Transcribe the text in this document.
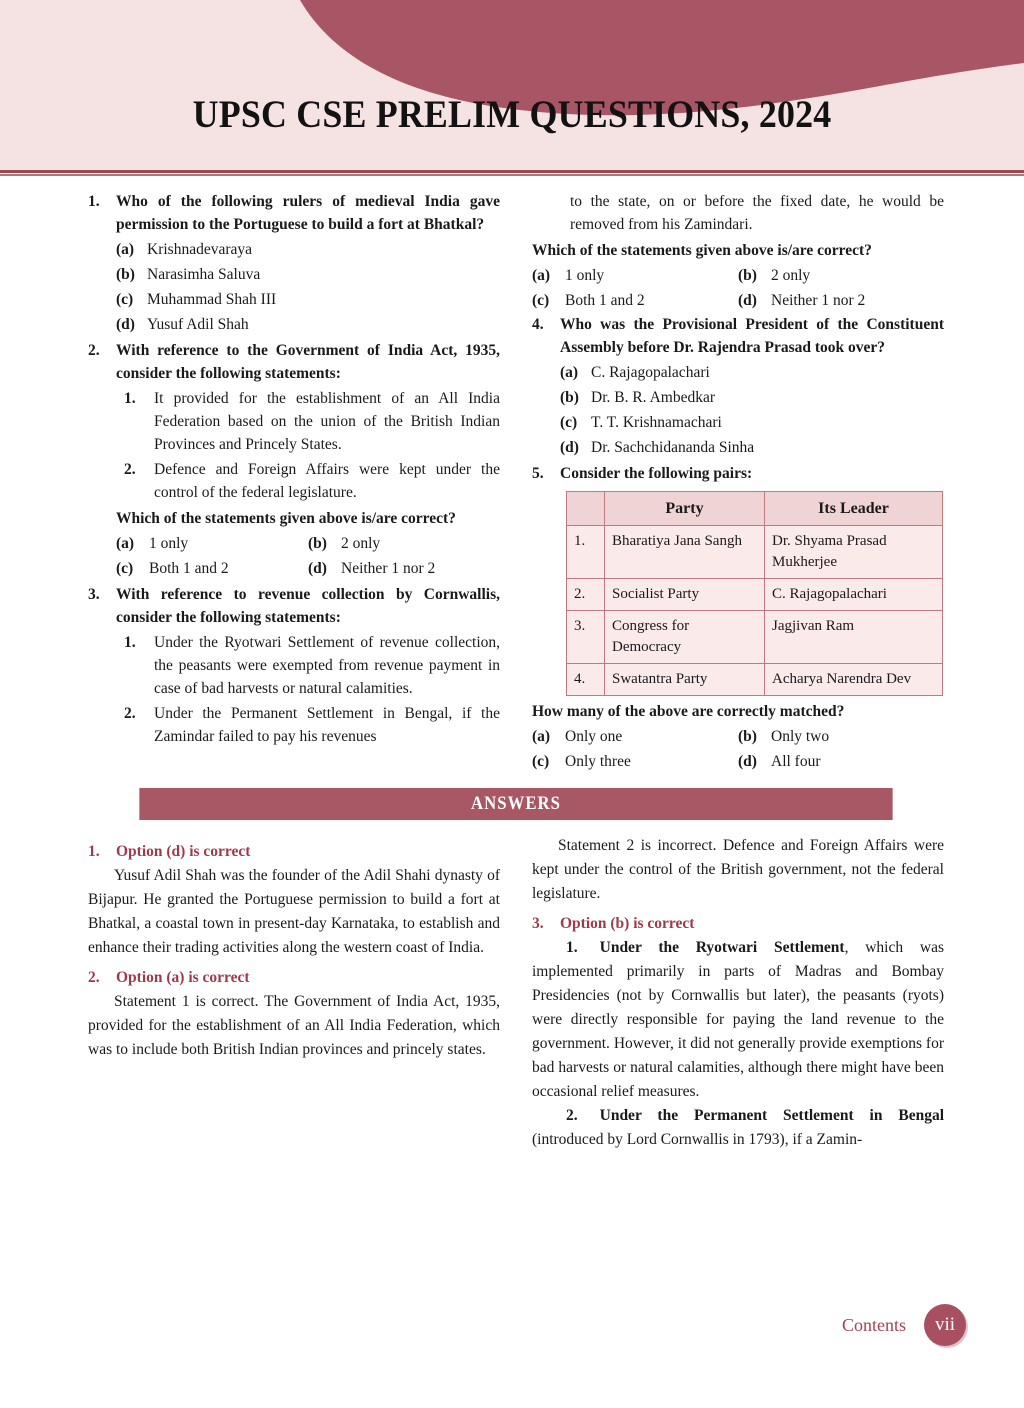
UPSC CSE PRELIM QUESTIONS, 2024
1.	Who of the following rulers of medieval India gave permission to the Portuguese to build a fort at Bhatkal?

(a) Krishnadevaraya
(b) Narasimha Saluva
(c) Muhammad Shah III
(d) Yusuf Adil Shah
2.	With reference to the Government of India Act, 1935, consider the following statements:

1.	It provided for the establishment of an All India Federation based on the union of the British Indian Provinces and Princely States.
2.	Defence and Foreign Affairs were kept under the control of the federal legislature.
Which of the statements given above is/are correct?
(a) 1 only	(b) 2 only
(c)	Both 1 and 2	(d) Neither 1 nor 2
3.	With reference to revenue collection by Cornwallis, consider the following statements:

1.	Under the Ryotwari Settlement of revenue collection, the peasants were exempted from revenue payment in case of bad harvests or natural calamities.
2.	Under the Permanent Settlement in Bengal, if the Zamindar failed to pay his revenues
to the state, on or before the fixed date, he would be removed from his Zamindari.
Which of the statements given above is/are correct?
(a) 1 only	(b) 2 only
(c)	Both 1 and 2	(d) Neither 1 nor 2
4.	Who was the Provisional President of the Constituent Assembly before Dr. Rajendra Prasad took over?

(a) C. Rajagopalachari
(b) Dr. B. R. Ambedkar
(c) T. T. Krishnamachari
(d) Dr. Sachchidananda Sinha
5.	Consider the following pairs:

	Party	Its Leader
1.	Bharatiya Jana Sangh	Dr. Shyama Prasad Mukherjee
2.	Socialist Party	C. Rajagopalachari
3.	Congress for Democracy	Jagjivan Ram
4.	Swatantra Party	Acharya Narendra Dev
How many of the above are correctly matched?
(a) Only one	(b) Only two
(c)	Only three	(d) All four
ANSWERS
1.	Option (d) is correct

Yusuf Adil Shah was the founder of the Adil Shahi dynasty of Bijapur. He granted the Portuguese permission to build a fort at Bhatkal, a coastal town in present-day Karnataka, to establish and enhance their trading activities along the western coast of India.

2.	Option (a) is correct

Statement 1 is correct. The Government of India Act, 1935, provided for the establishment of an All India Federation, which was to include both British Indian provinces and princely states.

Statement 2 is incorrect. Defence and Foreign Affairs were kept under the control of the British government, not the federal legislature.

3.	Option (b) is correct

1. Under the Ryotwari Settlement, which was implemented primarily in parts of Madras and Bombay Presidencies (not by Cornwallis but later), the peasants (ryots) were directly responsible for paying the land revenue to the government. However, it did not generally provide exemptions for bad harvests or natural calamities, although there might have been occasional relief measures.

2. Under the Permanent Settlement in Bengal (introduced by Lord Cornwallis in 1793), if a Zamin-

Contents	vii
